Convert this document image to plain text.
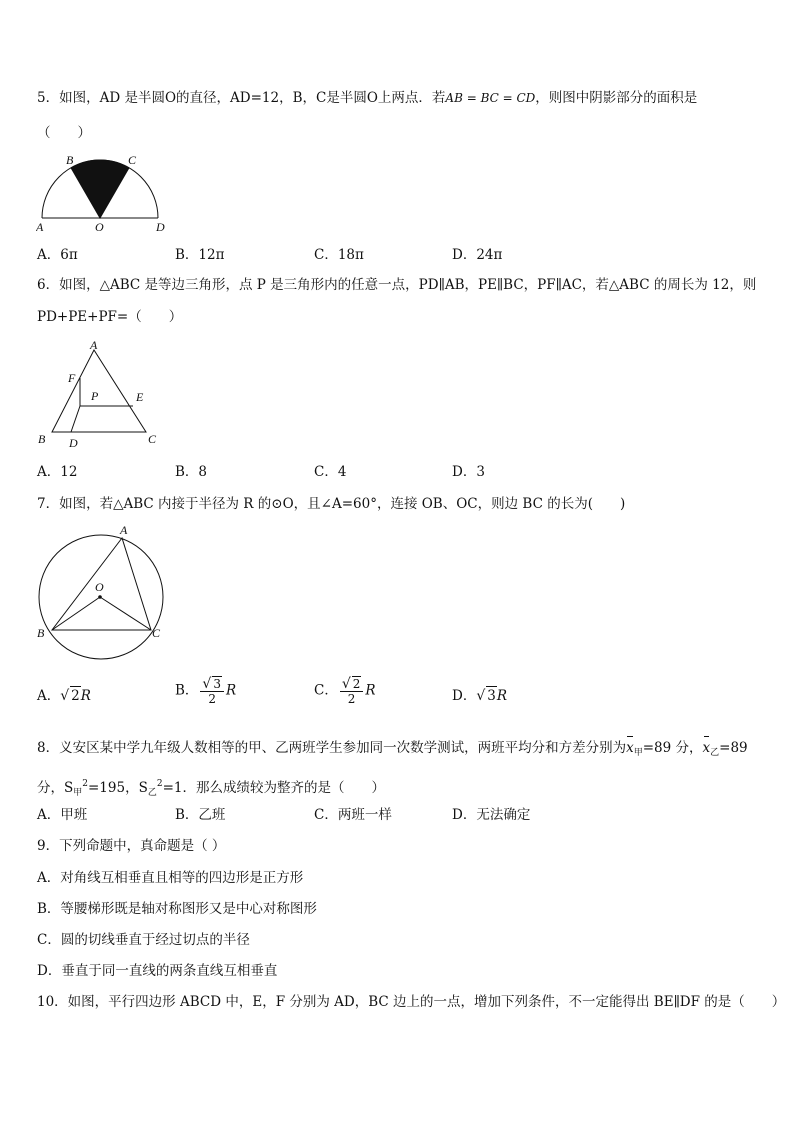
5．如图，AD 是半圆O的直径，AD=12，B，C是半圆O上两点．若AB = BC = CD，则图中阴影部分的面积是
（　　）
A
B	C
D
O
A．6π	B．12π	C．18π	D．24π
6．如图，△ABC 是等边三角形，点 P 是三角形内的任意一点，PD∥AB，PE∥BC，PF∥AC，若△ABC 的周长为 12，则
PD+PE+PF=（　　）
A
B	C
D
E
F
P
A．12	B．8	C．4	D．3
7．如图，若△ABC 内接于半径为 R 的⊙O，且∠A=60°，连接 OB、OC，则边 BC 的长为(　　)
A
B	C
O
A．√ 2R	B． $\frac{√ 3}{2}$ R	C． $\frac{√ 2}{2}$ R	D．√ 3R
8．义安区某中学九年级人数相等的甲、乙两班学生参加同一次数学测试，两班平均分和方差分别为$x_甲=89$ 分，$x_乙=89$
分，$S_甲^2=195$，$S_乙^2=1$．那么成绩较为整齐的是（　　）
A．甲班	B．乙班	C．两班一样	D．无法确定
9．下列命题中，真命题是（ ）
A．对角线互相垂直且相等的四边形是正方形
B．等腰梯形既是轴对称图形又是中心对称图形
C．圆的切线垂直于经过切点的半径
D．垂直于同一直线的两条直线互相垂直
10．如图，平行四边形 ABCD 中，E，F 分别为 AD，BC 边上的一点，增加下列条件，不一定能得出 BE∥DF 的是（　　）
